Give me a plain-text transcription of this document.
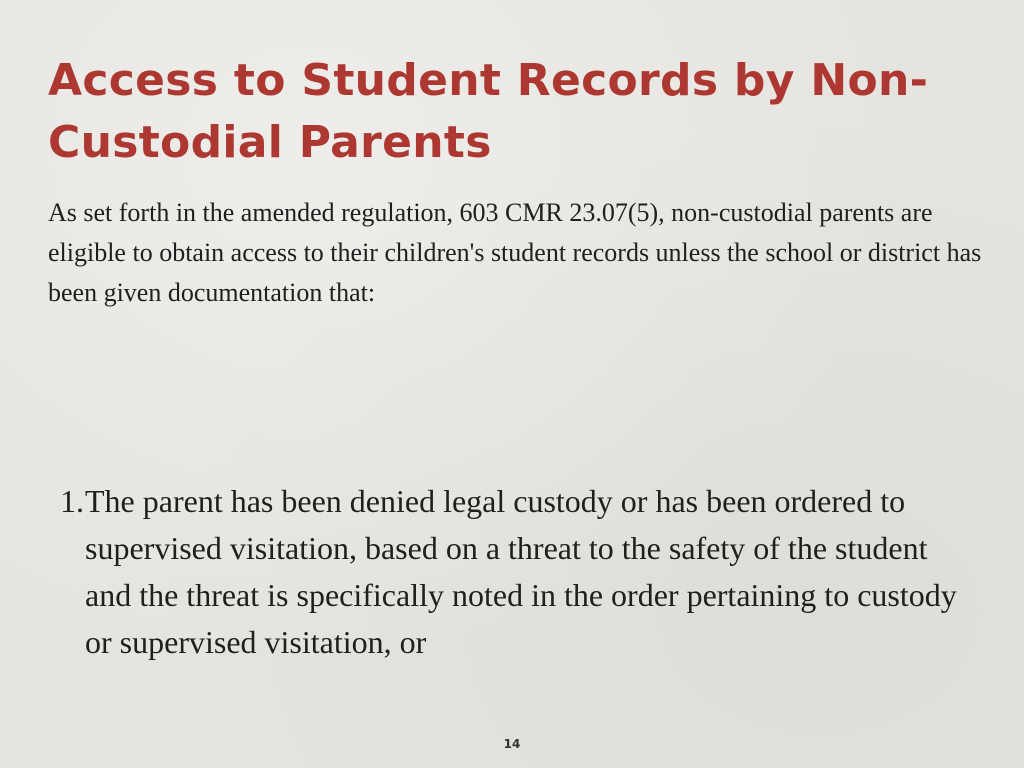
Access to Student Records by Non-Custodial Parents

As set forth in the amended regulation, 603 CMR 23.07(5), non-custodial parents are eligible to obtain access to their children's student records unless the school or district has been given documentation that:

1. The parent has been denied legal custody or has been ordered to supervised visitation, based on a threat to the safety of the student and the threat is specifically noted in the order pertaining to custody or supervised visitation, or
14
